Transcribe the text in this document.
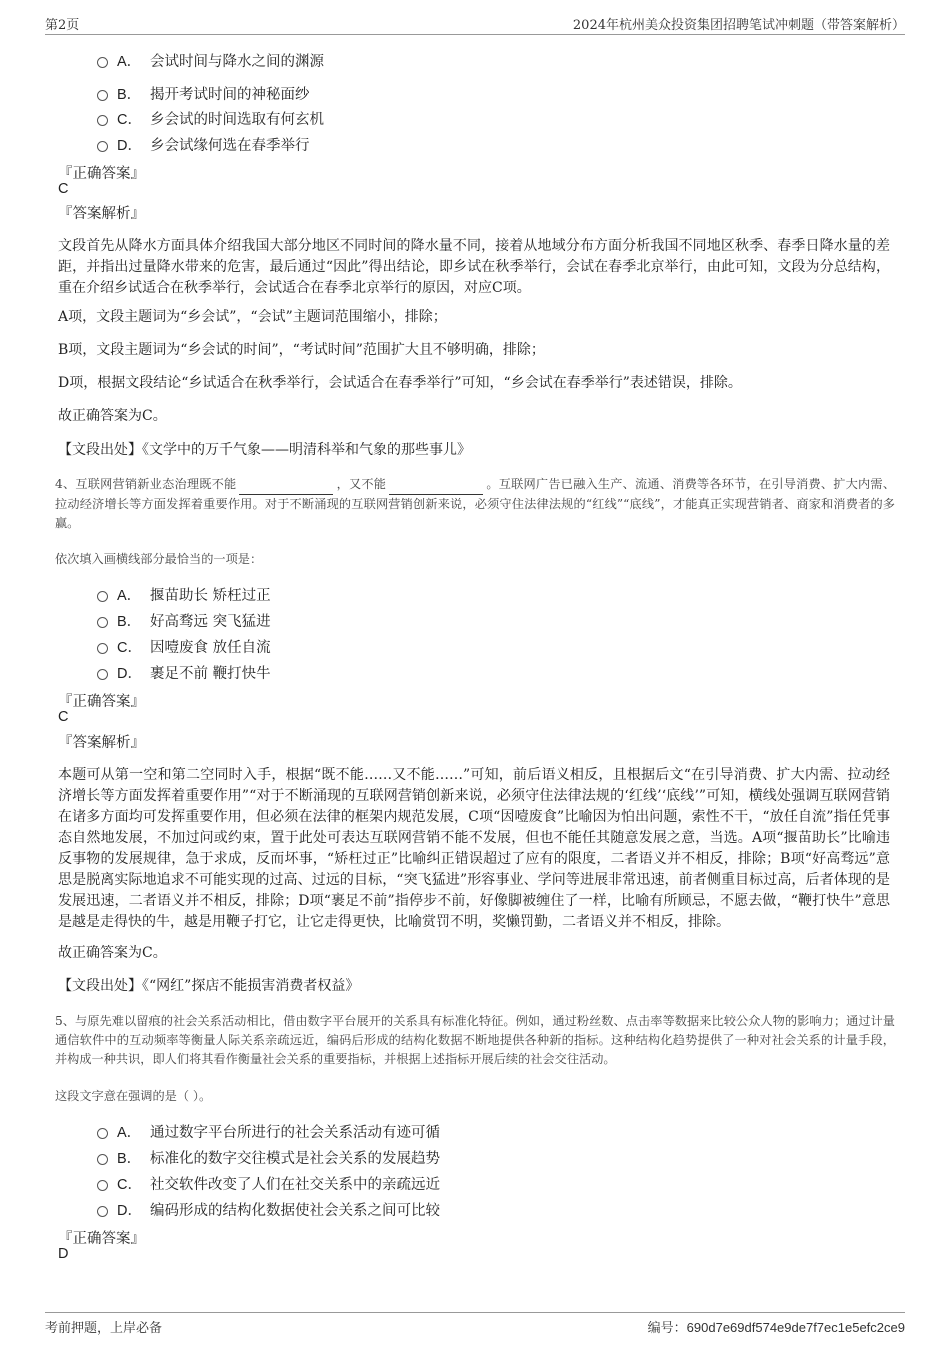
第2页	2024年杭州美众投资集团招聘笔试冲刺题（带答案解析）
A． 会试时间与降水之间的渊源
B． 揭开考试时间的神秘面纱
C． 乡会试的时间选取有何玄机
D． 乡会试缘何选在春季举行
『正确答案』
C
『答案解析』
文段首先从降水方面具体介绍我国大部分地区不同时间的降水量不同，接着从地域分布方面分析我国不同地区秋季、春季日降水量的差距，并指出过量降水带来的危害，最后通过“因此”得出结论，即乡试在秋季举行，会试在春季北京举行，由此可知，文段为分总结构，重在介绍乡试适合在秋季举行，会试适合在春季北京举行的原因，对应C项。
A项，文段主题词为“乡会试”，“会试”主题词范围缩小，排除；
B项，文段主题词为“乡会试的时间”，“考试时间”范围扩大且不够明确，排除；
D项，根据文段结论“乡试适合在秋季举行，会试适合在春季举行”可知，“乡会试在春季举行”表述错误，排除。
故正确答案为C。
【文段出处】《文学中的万千气象——明清科举和气象的那些事儿》
4、互联网营销新业态治理既不能	，又不能	。互联网广告已融入生产、流通、消费等各环节，在引导消费、扩大内需、拉动经济增长等方面发挥着重要作用。对于不断涌现的互联网营销创新来说，必须守住法律法规的“红线”“底线”，才能真正实现营销者、商家和消费者的多赢。
依次填入画横线部分最恰当的一项是：
A． 揠苗助长 矫枉过正
B． 好高骛远 突飞猛进
C． 因噎废食 放任自流
D． 裹足不前 鞭打快牛
『正确答案』
C
『答案解析』
本题可从第一空和第二空同时入手，根据“既不能……又不能……”可知，前后语义相反，且根据后文“在引导消费、扩大内需、拉动经济增长等方面发挥着重要作用”“对于不断涌现的互联网营销创新来说，必须守住法律法规的‘红线’‘底线’”可知，横线处强调互联网营销在诸多方面均可发挥重要作用，但必须在法律的框架内规范发展，C项“因噎废食”比喻因为怕出问题，索性不干，“放任自流”指任凭事态自然地发展，不加过问或约束，置于此处可表达互联网营销不能不发展，但也不能任其随意发展之意，当选。A项“揠苗助长”比喻违反事物的发展规律，急于求成，反而坏事，“矫枉过正”比喻纠正错误超过了应有的限度，二者语义并不相反，排除；B项“好高骛远”意思是脱离实际地追求不可能实现的过高、过远的目标，“突飞猛进”形容事业、学问等进展非常迅速，前者侧重目标过高，后者体现的是发展迅速，二者语义并不相反，排除；D项“裹足不前”指停步不前，好像脚被缠住了一样，比喻有所顾忌，不愿去做，“鞭打快牛”意思是越是走得快的牛，越是用鞭子打它，让它走得更快，比喻赏罚不明，奖懒罚勤，二者语义并不相反，排除。
故正确答案为C。
【文段出处】《“网红”探店不能损害消费者权益》
5、与原先难以留痕的社会关系活动相比，借由数字平台展开的关系具有标准化特征。例如，通过粉丝数、点击率等数据来比较公众人物的影响力；通过计量通信软件中的互动频率等衡量人际关系亲疏远近，编码后形成的结构化数据不断地提供各种新的指标。这种结构化趋势提供了一种对社会关系的计量手段，并构成一种共识，即人们将其看作衡量社会关系的重要指标，并根据上述指标开展后续的社会交往活动。
这段文字意在强调的是（ ）。
A． 通过数字平台所进行的社会关系活动有迹可循
B． 标准化的数字交往模式是社会关系的发展趋势
C． 社交软件改变了人们在社交关系中的亲疏远近
D． 编码形成的结构化数据使社会关系之间可比较
『正确答案』
D
考前押题，上岸必备	编号：690d7e69df574e9de7f7ec1e5efc2ce9
